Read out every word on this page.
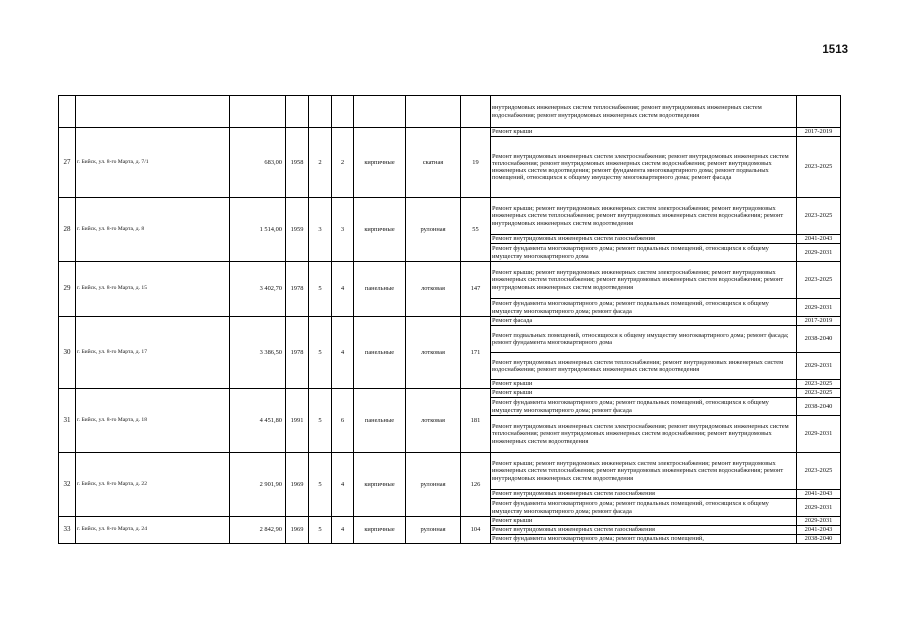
1513
									внутридомовых инженерных систем теплоснабжения; ремонт внутридомовых инженерных систем водоснабжения; ремонт внутридомовых инженерных систем водоотведения	
27	г. Бийск, ул. 8-го Марта, д. 7/1	683,00	1958	2	2	кирпичные	скатная	19	Ремонт крыши	2017-2019
									Ремонт внутридомовых инженерных систем электроснабжения; ремонт внутридомовых инженерных систем теплоснабжения; ремонт внутридомовых инженерных систем водоснабжения; ремонт внутридомовых инженерных систем водоотведения; ремонт фундамента многоквартирного дома; ремонт подвальных помещений, относящихся к общему имуществу многоквартирного дома; ремонт фасада	2023-2025
28	г. Бийск, ул. 8-го Марта, д. 8	1 514,00	1959	3	3	кирпичные	рулонная	55	Ремонт крыши; ремонт внутридомовых инженерных систем электроснабжения; ремонт внутридомовых инженерных систем теплоснабжения; ремонт внутридомовых инженерных систем водоснабжения; ремонт внутридомовых инженерных систем водоотведения	2023-2025
									Ремонт внутридомовых инженерных систем газоснабжения	2041-2043
									Ремонт фундамента многоквартирного дома; ремонт подвальных помещений, относящихся к общему имуществу многоквартирного дома	2029-2031
29	г. Бийск, ул. 8-го Марта, д. 15	3 402,70	1978	5	4	панельные	лотковая	147	Ремонт крыши; ремонт внутридомовых инженерных систем электроснабжения; ремонт внутридомовых инженерных систем теплоснабжения; ремонт внутридомовых инженерных систем водоснабжения; ремонт внутридомовых инженерных систем водоотведения	2023-2025
									Ремонт фундамента многоквартирного дома; ремонт подвальных помещений, относящихся к общему имуществу многоквартирного дома; ремонт фасада	2029-2031
30	г. Бийск, ул. 8-го Марта, д. 17	3 386,50	1978	5	4	панельные	лотковая	171	Ремонт фасада	2017-2019
									Ремонт подвальных помещений, относящихся к общему имуществу многоквартирного дома; ремонт фасада; ремонт фундамента многоквартирного дома	2038-2040
									Ремонт внутридомовых инженерных систем теплоснабжения; ремонт внутридомовых инженерных систем водоснабжения; ремонт внутридомовых инженерных систем водоотведения	2029-2031
									Ремонт крыши	2023-2025
31	г. Бийск, ул. 8-го Марта, д. 18	4 451,80	1991	5	6	панельные	лотковая	181	Ремонт крыши	2023-2025
									Ремонт фундамента многоквартирного дома; ремонт подвальных помещений, относящихся к общему имуществу многоквартирного дома; ремонт фасада	2038-2040
									Ремонт внутридомовых инженерных систем электроснабжения; ремонт внутридомовых инженерных систем теплоснабжения; ремонт внутридомовых инженерных систем водоснабжения; ремонт внутридомовых инженерных систем водоотведения	2029-2031
32	г. Бийск, ул. 8-го Марта, д. 22	2 901,90	1969	5	4	кирпичные	рулонная	126	Ремонт крыши; ремонт внутридомовых инженерных систем электроснабжения; ремонт внутридомовых инженерных систем теплоснабжения; ремонт внутридомовых инженерных систем водоснабжения; ремонт внутридомовых инженерных систем водоотведения	2023-2025
									Ремонт внутридомовых инженерных систем газоснабжения	2041-2043
									Ремонт фундамента многоквартирного дома; ремонт подвальных помещений, относящихся к общему имуществу многоквартирного дома; ремонт фасада	2029-2031
33	г. Бийск, ул. 8-го Марта, д. 24	2 842,90	1969	5	4	кирпичные	рулонная	104	Ремонт крыши	2029-2031
									Ремонт внутридомовых инженерных систем газоснабжения	2041-2043
									Ремонт фундамента многоквартирного дома; ремонт подвальных помещений,	2038-2040
